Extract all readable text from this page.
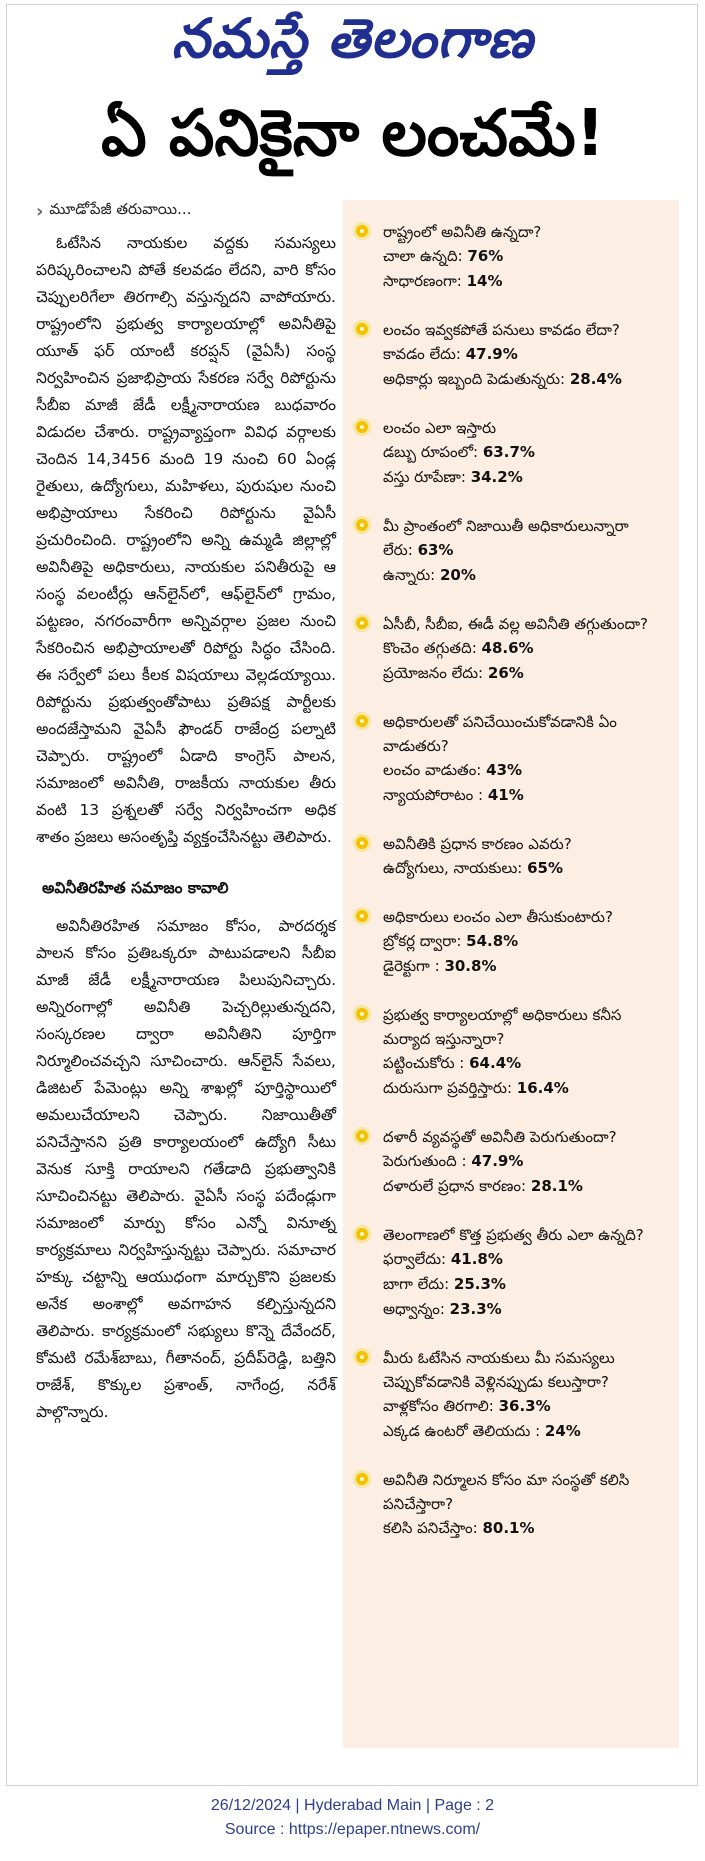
నమస్తే తెలంగాణ
ఏ పనికైనా లంచమే!
› మూడోపేజీ తరువాయి...

ఓటేసిన నాయకుల వద్దకు సమస్యలు పరిష్కరించాలని పోతే కలవడం లేదని, వారి కోసం చెప్పులరిగేలా తిరగాల్సి వస్తున్నదని వాపోయారు. రాష్ట్రంలోని ప్రభుత్వ కార్యాలయాల్లో అవినీతిపై యూత్ ఫర్ యాంటీ కరప్షన్ (వైఏసీ) సంస్థ నిర్వహించిన ప్రజాభిప్రాయ సేకరణ సర్వే రిపోర్టును సీబీఐ మాజీ జేడీ లక్ష్మీనారాయణ బుధవారం విడుదల చేశారు. రాష్ట్రవ్యాప్తంగా వివిధ వర్గాలకు చెందిన 14,3456 మంది 19 నుంచి 60 ఏండ్ల రైతులు, ఉద్యోగులు, మహిళలు, పురుషుల నుంచి అభిప్రాయాలు సేకరించి రిపోర్టును వైఏసీ ప్రచురించింది. రాష్ట్రంలోని అన్ని ఉమ్మడి జిల్లాల్లో అవినీతిపై అధికారులు, నాయకుల పనితీరుపై ఆ సంస్థ వలంటీర్లు ఆన్‌లైన్‌లో, ఆఫ్‌లైన్‌లో గ్రామం, పట్టణం, నగరంవారీగా అన్నివర్గాల ప్రజల నుంచి సేకరించిన అభిప్రాయాలతో రిపోర్టు సిద్ధం చేసింది. ఈ సర్వేలో పలు కీలక విషయాలు వెల్లడయ్యాయి. రిపోర్టును ప్రభుత్వంతోపాటు ప్రతిపక్ష పార్టీలకు అందజేస్తామని వైఏసీ ఫౌండర్ రాజేంద్ర పల్నాటి చెప్పారు. రాష్ట్రంలో ఏడాది కాంగ్రెస్ పాలన, సమాజంలో అవినీతి, రాజకీయ నాయకుల తీరు వంటి 13 ప్రశ్నలతో సర్వే నిర్వహించగా అధిక శాతం ప్రజలు అసంతృప్తి వ్యక్తంచేసినట్టు తెలిపారు.

అవినీతిరహిత సమాజం కావాలి

అవినీతిరహిత సమాజం కోసం, పారదర్శక పాలన కోసం ప్రతిఒక్కరూ పాటుపడాలని సీబీఐ మాజీ జేడీ లక్ష్మీనారాయణ పిలుపునిచ్చారు. అన్నిరంగాల్లో అవినీతి పెచ్చరిల్లుతున్నదని, సంస్కరణల ద్వారా అవినీతిని పూర్తిగా నిర్మూలించవచ్చని సూచించారు. ఆన్‌లైన్ సేవలు, డిజిటల్ పేమెంట్లు అన్ని శాఖల్లో పూర్తిస్థాయిలో అమలుచేయాలని చెప్పారు. నిజాయితీతో పనిచేస్తానని ప్రతి కార్యాలయంలో ఉద్యోగి సీటు వెనుక సూక్తి రాయాలని గతేడాది ప్రభుత్వానికి సూచించినట్టు తెలిపారు. వైఏసీ సంస్థ పదేండ్లుగా సమాజంలో మార్పు కోసం ఎన్నో వినూత్న కార్యక్రమాలు నిర్వహిస్తున్నట్టు చెప్పారు. సమాచార హక్కు చట్టాన్ని ఆయుధంగా మార్చుకొని ప్రజలకు అనేక అంశాల్లో అవగాహన కల్పిస్తున్నదని తెలిపారు. కార్యక్రమంలో సభ్యులు కొన్నె దేవేందర్, కోమటి రమేశ్‌బాబు, గీతానంద్, ప్రదీప్‌రెడ్డి, బత్తిని రాజేశ్, కొక్కుల ప్రశాంత్, నాగేంద్ర, నరేశ్ పాల్గొన్నారు.

రాష్ట్రంలో అవినీతి ఉన్నదా?
చాలా ఉన్నది: 76%
సాధారణంగా: 14%
లంచం ఇవ్వకపోతే పనులు కావడం లేదా?
కావడం లేదు: 47.9%
అధికార్లు ఇబ్బంది పెడుతున్నరు: 28.4%
లంచం ఎలా ఇస్తారు
డబ్బు రూపంలో: 63.7%
వస్తు రూపేణా: 34.2%
మీ ప్రాంతంలో నిజాయితీ అధికారులున్నారా
లేరు: 63%
ఉన్నారు: 20%
ఏసీబీ, సీబీఐ, ఈడీ వల్ల అవినీతి తగ్గుతుందా?
కొంచెం తగ్గుతది: 48.6%
ప్రయోజనం లేదు: 26%
అధికారులతో పనిచేయించుకోవడానికి ఏం వాడుతరు?
లంచం వాడుతం: 43%
న్యాయపోరాటం : 41%
అవినీతికి ప్రధాన కారణం ఎవరు?
ఉద్యోగులు, నాయకులు: 65%
అధికారులు లంచం ఎలా తీసుకుంటారు?
బ్రోకర్ల ద్వారా: 54.8%
డైరెక్టుగా : 30.8%
ప్రభుత్వ కార్యాలయాల్లో అధికారులు కనీస మర్యాద ఇస్తున్నారా?
పట్టించుకోరు : 64.4%
దురుసుగా ప్రవర్తిస్తారు: 16.4%
దళారీ వ్యవస్థతో అవినీతి పెరుగుతుందా?
పెరుగుతుంది : 47.9%
దళారులే ప్రధాన కారణం: 28.1%
తెలంగాణలో కొత్త ప్రభుత్వ తీరు ఎలా ఉన్నది?
ఫర్వాలేదు: 41.8%
బాగా లేదు: 25.3%
అధ్వాన్నం: 23.3%
మీరు ఓటేసిన నాయకులు మీ సమస్యలు చెప్పుకోవడానికి వెళ్లినప్పుడు కలుస్తారా?
వాళ్లకోసం తిరగాలి: 36.3%
ఎక్కడ ఉంటరో తెలియదు : 24%
అవినీతి నిర్మూలన కోసం మా సంస్థతో కలిసి పనిచేస్తారా?
కలిసి పనిచేస్తాం: 80.1%
26/12/2024 | Hyderabad Main | Page : 2
Source : https://epaper.ntnews.com/
